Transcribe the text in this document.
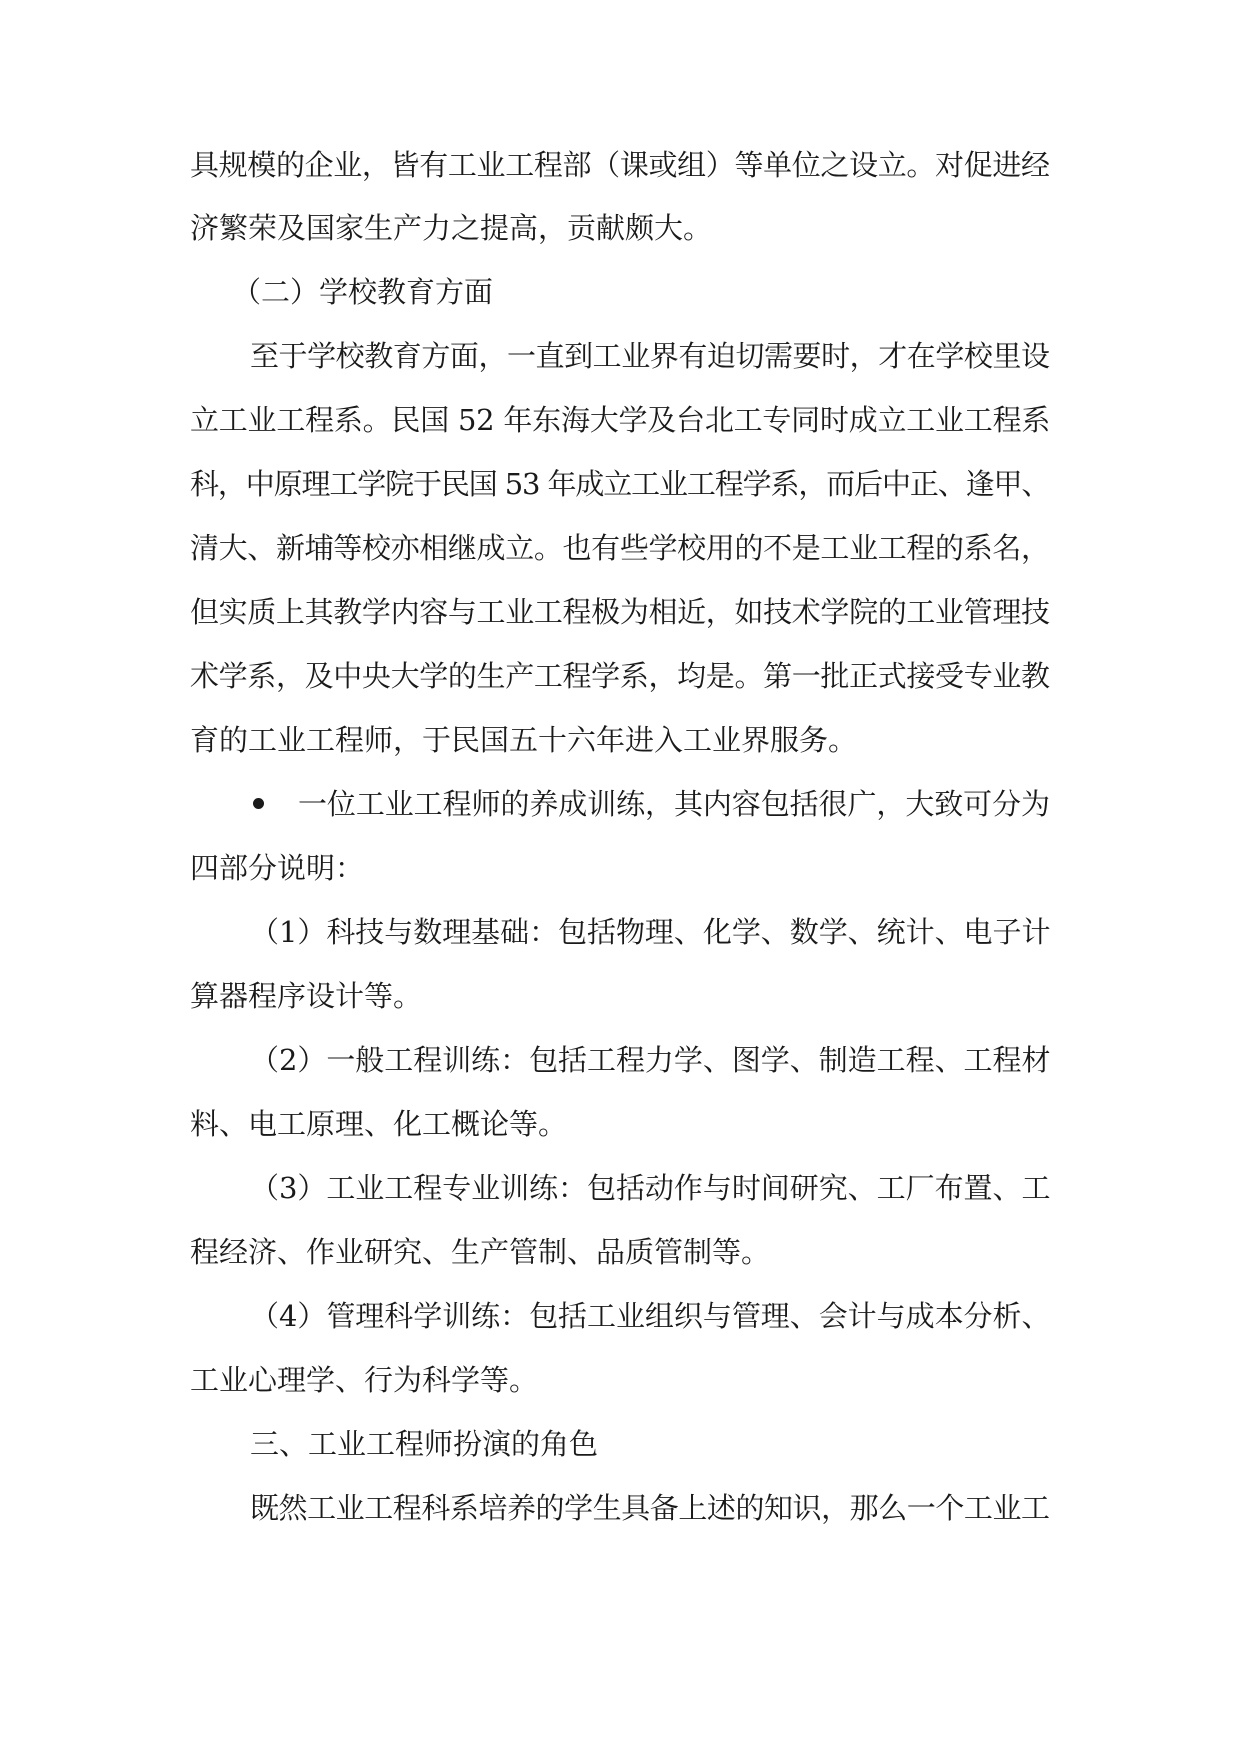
具规模的企业，皆有工业工程部（课或组）等单位之设立。对促进经
济繁荣及国家生产力之提高，贡献颇大。
（二）学校教育方面
至于学校教育方面，一直到工业界有迫切需要时，才在学校里设
立工业工程系。民国 52 年东海大学及台北工专同时成立工业工程系
科，中原理工学院于民国 53 年成立工业工程学系，而后中正、逢甲、
清大、新埔等校亦相继成立。也有些学校用的不是工业工程的系名，
但实质上其教学内容与工业工程极为相近，如技术学院的工业管理技
术学系，及中央大学的生产工程学系，均是。第一批正式接受专业教
育的工业工程师，于民国五十六年进入工业界服务。
一位工业工程师的养成训练，其内容包括很广，大致可分为
四部分说明：
（1）科技与数理基础：包括物理、化学、数学、统计、电子计
算器程序设计等。
（2）一般工程训练：包括工程力学、图学、制造工程、工程材
料、电工原理、化工概论等。
（3）工业工程专业训练：包括动作与时间研究、工厂布置、工
程经济、作业研究、生产管制、品质管制等。
（4）管理科学训练：包括工业组织与管理、会计与成本分析、
工业心理学、行为科学等。
三、工业工程师扮演的角色
既然工业工程科系培养的学生具备上述的知识，那么一个工业工
